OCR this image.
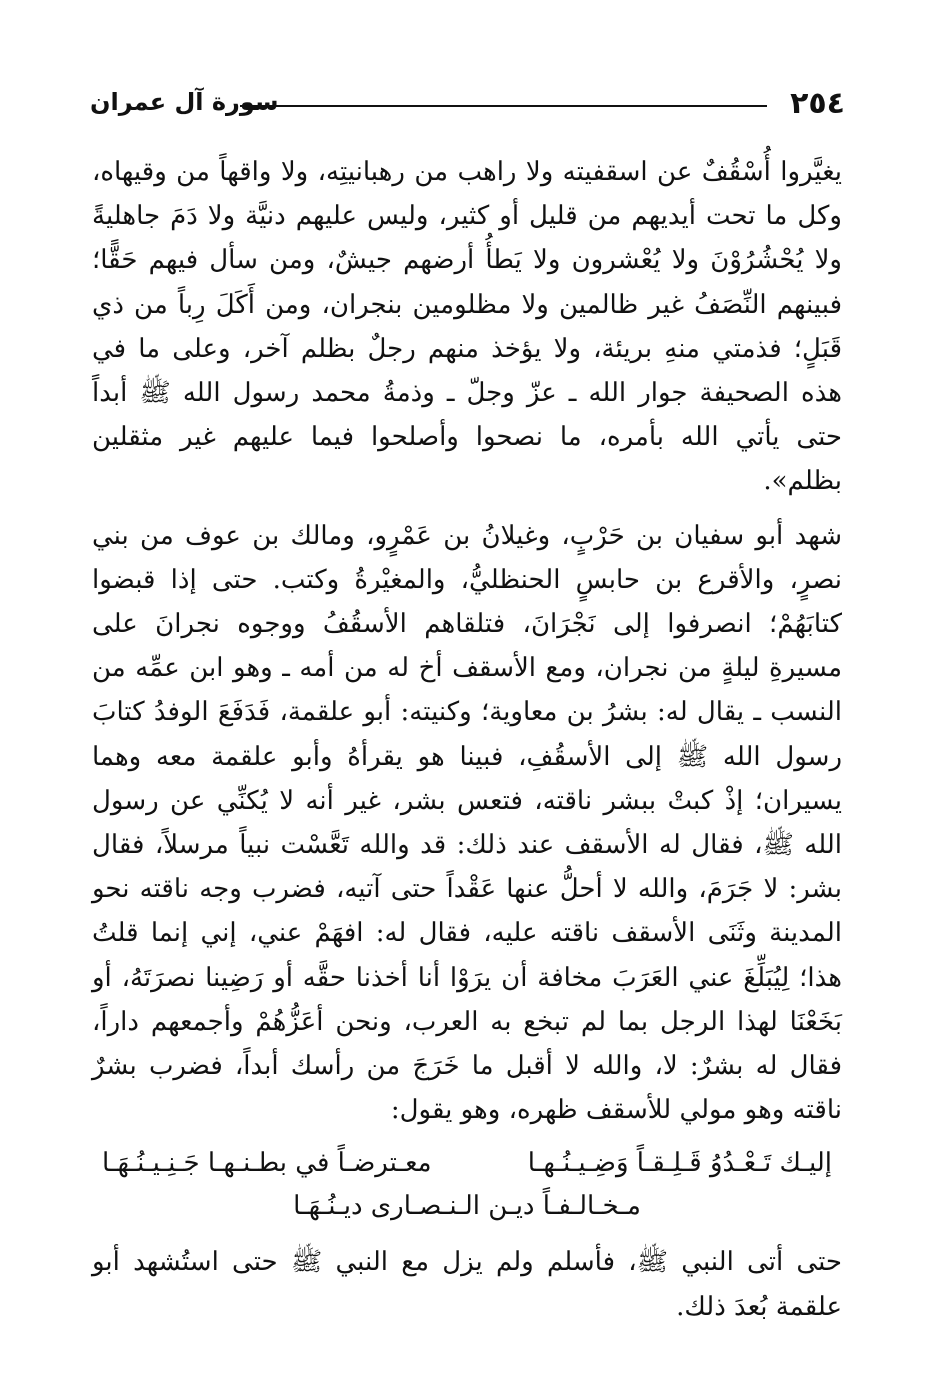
٢٥٤
سورة آل عمران

يغيَّروا أُسْقُفٌ عن اسقفيته ولا راهب من رهبانيتِه، ولا واقهاً من وقيهاه، وكل ما تحت أيديهم من قليل أو كثير، وليس عليهم دنيَّة ولا دَمَ جاهليةً ولا يُحْشُرُوْنَ ولا يُعْشرون ولا يَطأُ أرضهم جيشٌ، ومن سأل فيهم حَقًّا؛ فبينهم النِّصَفُ غير ظالمين ولا مظلومين بنجران، ومن أَكَلَ رِباً من ذي قَبَلٍ؛ فذمتي منهِ بريئة، ولا يؤخذ منهم رجلٌ بظلم آخر، وعلى ما في هذه الصحيفة جوار الله ـ عزّ وجلّ ـ وذمةُ محمد رسول الله ﷺ أبداً حتى يأتي الله بأمره، ما نصحوا وأصلحوا فيما عليهم غير مثقلين بظلم».

شهد أبو سفيان بن حَرْبٍ، وغيلانُ بن عَمْرٍو، ومالك بن عوف من بني نصرٍ، والأقرع بن حابسٍ الحنظليُّ، والمغيْرةُ وكتب. حتى إذا قبضوا كتابَهُمْ؛ انصرفوا إلى نَجْرَانَ، فتلقاهم الأسقُفُ ووجوه نجرانَ على مسيرةِ ليلةٍ من نجران، ومع الأسقف أخ له من أمه ـ وهو ابن عمِّه من النسب ـ يقال له: بشرُ بن معاوية؛ وكنيته: أبو علقمة، فَدَفَعَ الوفدُ كتابَ رسول الله ﷺ إلى الأسقُفِ، فبينا هو يقرأهُ وأبو علقمة معه وهما يسيران؛ إذْ كبتْ ببشر ناقته، فتعس بشر، غير أنه لا يُكنِّي عن رسول الله ﷺ، فقال له الأسقف عند ذلك: قد والله تَعَّسْت نبياً مرسلاً، فقال بشر: لا جَرَمَ، والله لا أحلُّ عنها عَقْداً حتى آتيه، فضرب وجه ناقته نحو المدينة وثَنَى الأسقف ناقته عليه، فقال له: افهَمْ عني، إني إنما قلتُ هذا؛ لِيُبَلِّغَ عني العَرَبَ مخافة أن يرَوْا أنا أخذنا حقَّه أو رَضِينا نصرَتَهُ، أو بَخَعْنَا لهذا الرجل بما لم تبخع به العرب، ونحن أعَزُّهُمْ وأجمعهم داراً، فقال له بشرٌ: لا، والله لا أقبل ما خَرَجَ من رأسك أبداً، فضرب بشرٌ ناقته وهو مولي للأسقف ظهره، وهو يقول:

إليـك تَـعْـدُوُ قَـلِـقـاً وَضِـيـنُـهـا
معـترضـاً في بطـنـهـا جَـنِـيـنُـهَـا
مـخـالـفـاً ديـن الـنـصـارى ديـنُـهَـا

حتى أتى النبي ﷺ، فأسلم ولم يزل مع النبي ﷺ حتى استُشهد أبو علقمة بُعدَ ذلك.
